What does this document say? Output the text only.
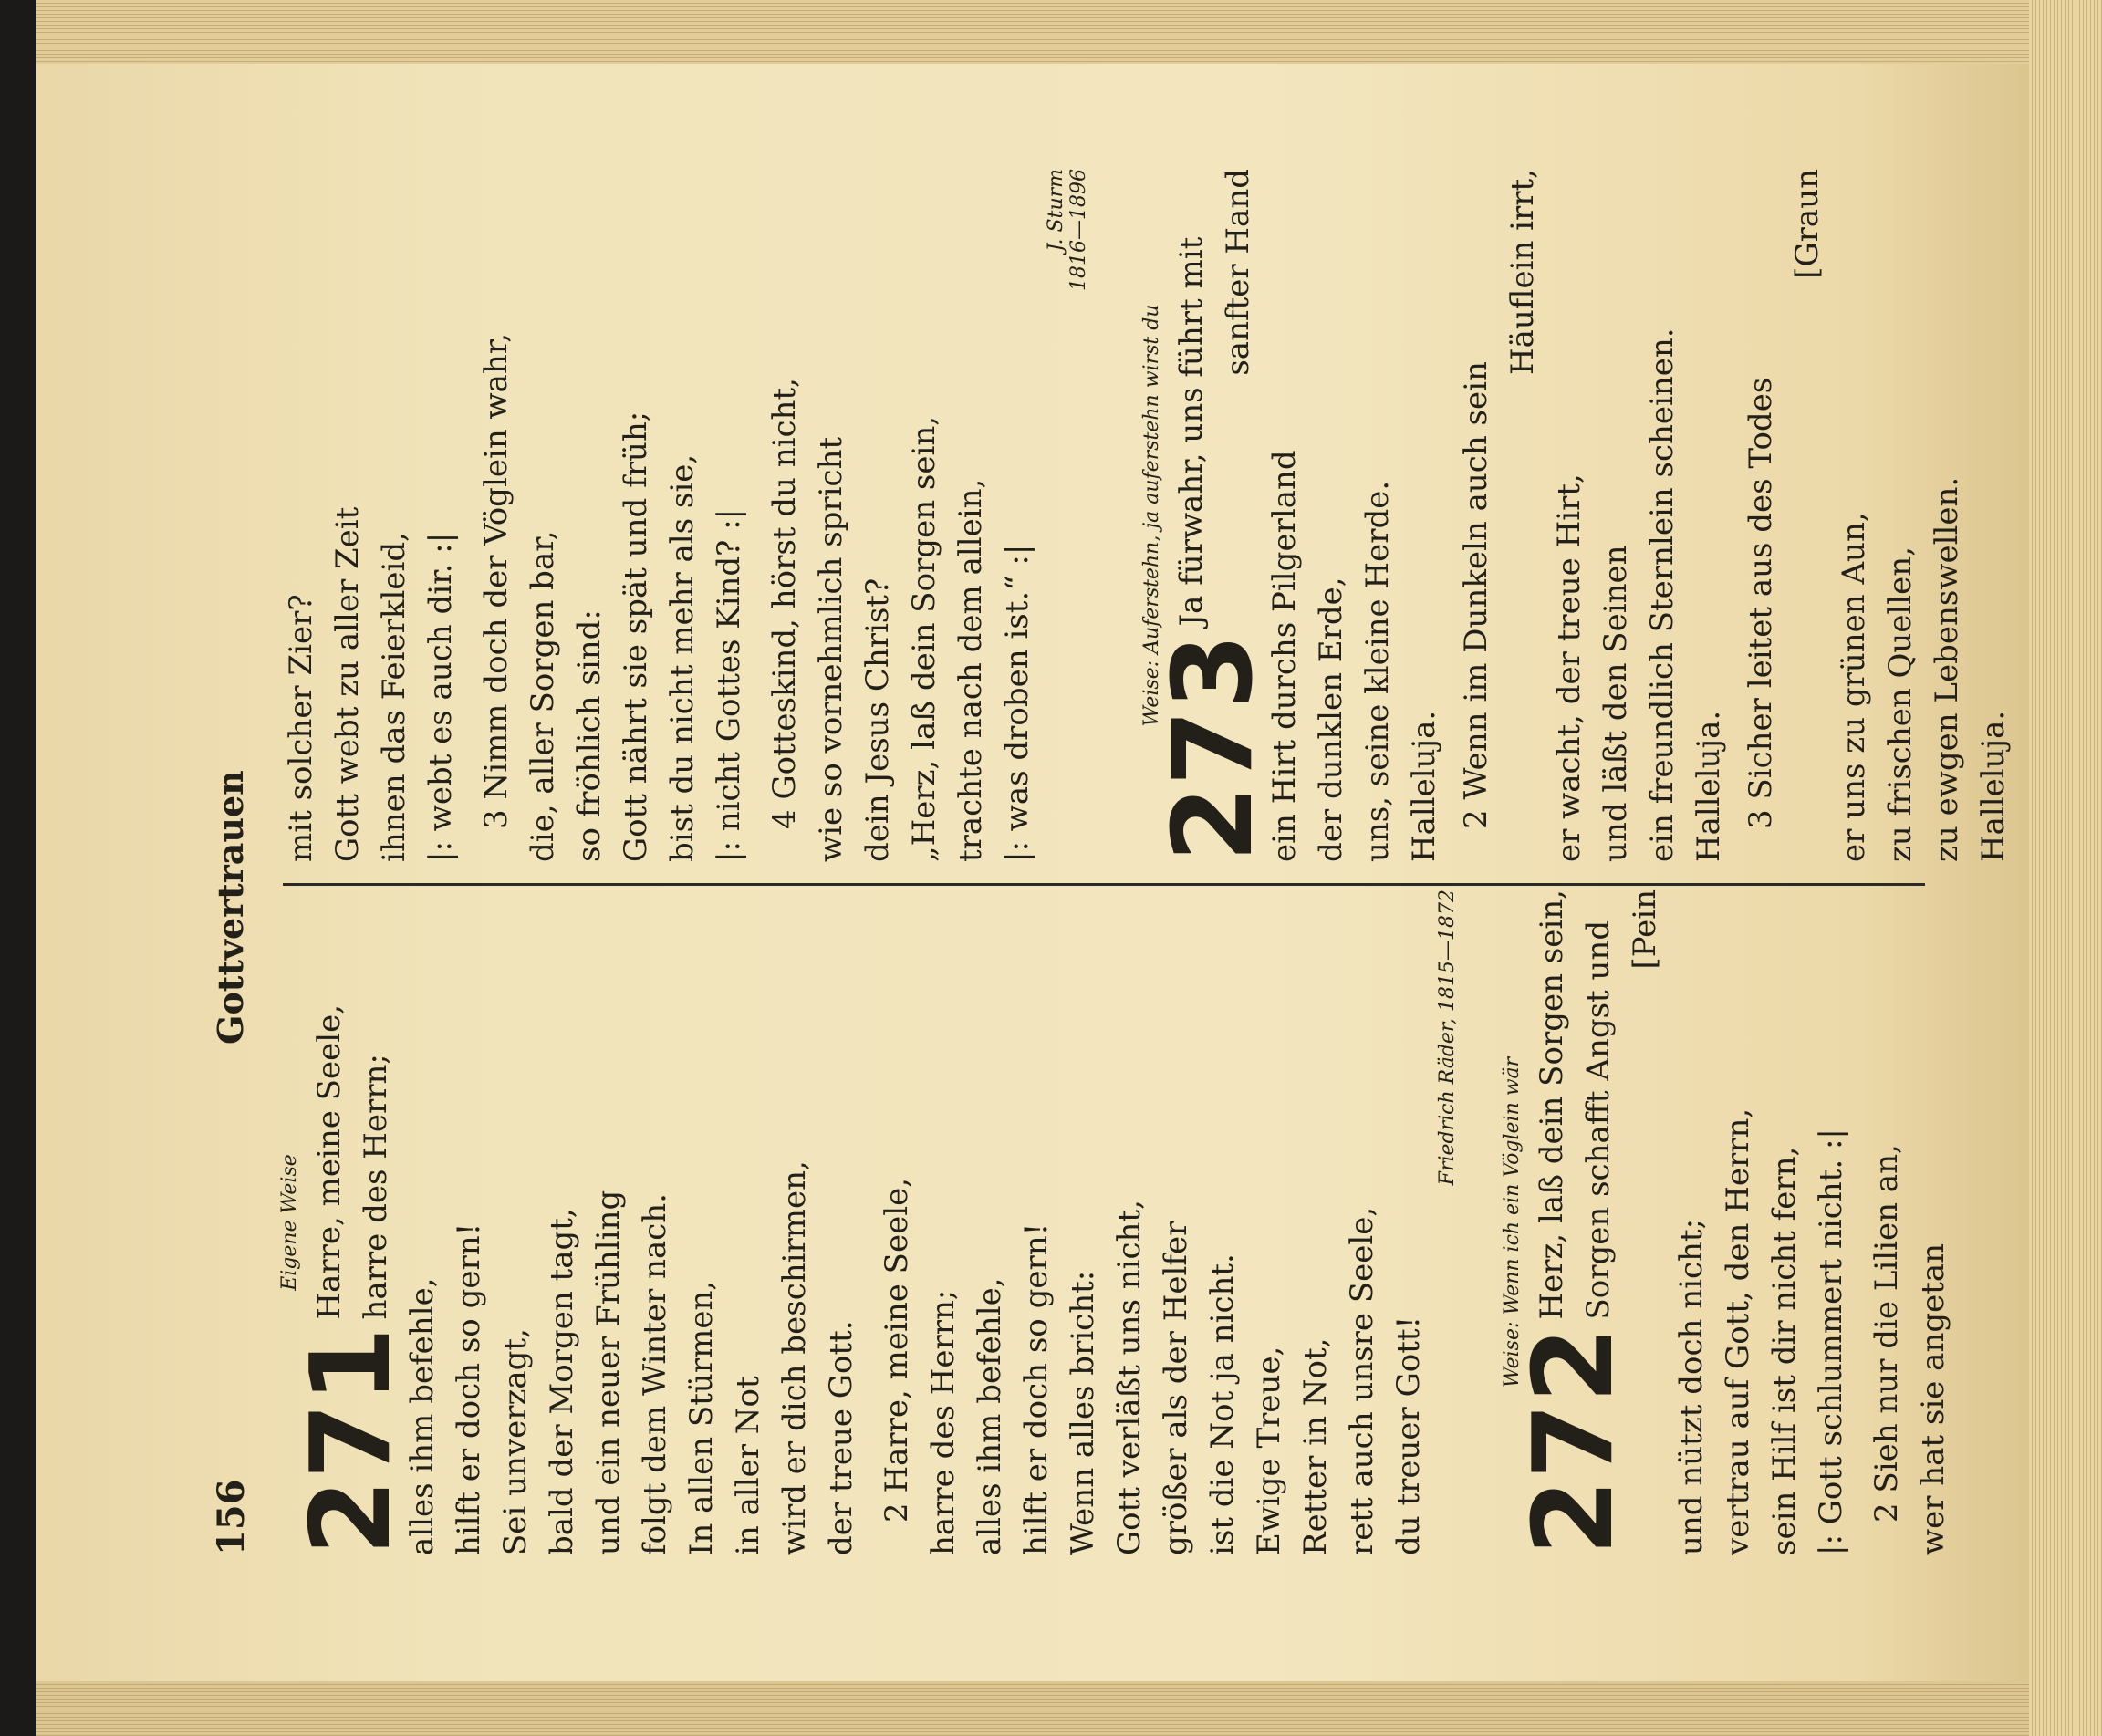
156
Gottvertrauen
Eigene Weise
271
Harre, meine Seele, harre des Herrn;
alles ihm befehle, hilft er doch so gern! Sei unverzagt, bald der Morgen tagt, und ein neuer Frühling folgt dem Winter nach. In allen Stürmen, in aller Not wird er dich beschirmen, der treue Gott. 2 Harre, meine Seele, harre des Herrn; alles ihm befehle, hilft er doch so gern! Wenn alles bricht: Gott verläßt uns nicht, größer als der Helfer ist die Not ja nicht. Ewige Treue, Retter in Not, rett auch unsre Seele, du treuer Gott!
Friedrich Räder, 1815—1872
Weise: Wenn ich ein Vöglein wär
272
Herz, laß dein Sorgen sein, Sorgen schafft Angst und [Pein
und nützt doch nicht; vertrau auf Gott, den Herrn, sein Hilf ist dir nicht fern, |: Gott schlummert nicht. :| 2 Sieh nur die Lilien an, wer hat sie angetan
mit solcher Zier? Gott webt zu aller Zeit ihnen das Feierkleid, |: webt es auch dir. :| 3 Nimm doch der Vöglein wahr, die, aller Sorgen bar, so fröhlich sind: Gott nährt sie spät und früh; bist du nicht mehr als sie, |: nicht Gottes Kind? :| 4 Gotteskind, hörst du nicht, wie so vornehmlich spricht dein Jesus Christ? „Herz, laß dein Sorgen sein, trachte nach dem allein, |: was droben ist.“ :|
J. Sturm 1816—1896
Weise: Auferstehn, ja auferstehn wirst du
273
Ja fürwahr, uns führt mit sanfter Hand
ein Hirt durchs Pilgerland der dunklen Erde, uns, seine kleine Herde. Halleluja. 2 Wenn im Dunkeln auch sein
Häuflein irrt,
er wacht, der treue Hirt, und läßt den Seinen ein freundlich Sternlein scheinen. Halleluja. 3 Sicher leitet aus des Todes
[Graun
er uns zu grünen Aun, zu frischen Quellen, zu ewgen Lebenswellen. Halleluja.
